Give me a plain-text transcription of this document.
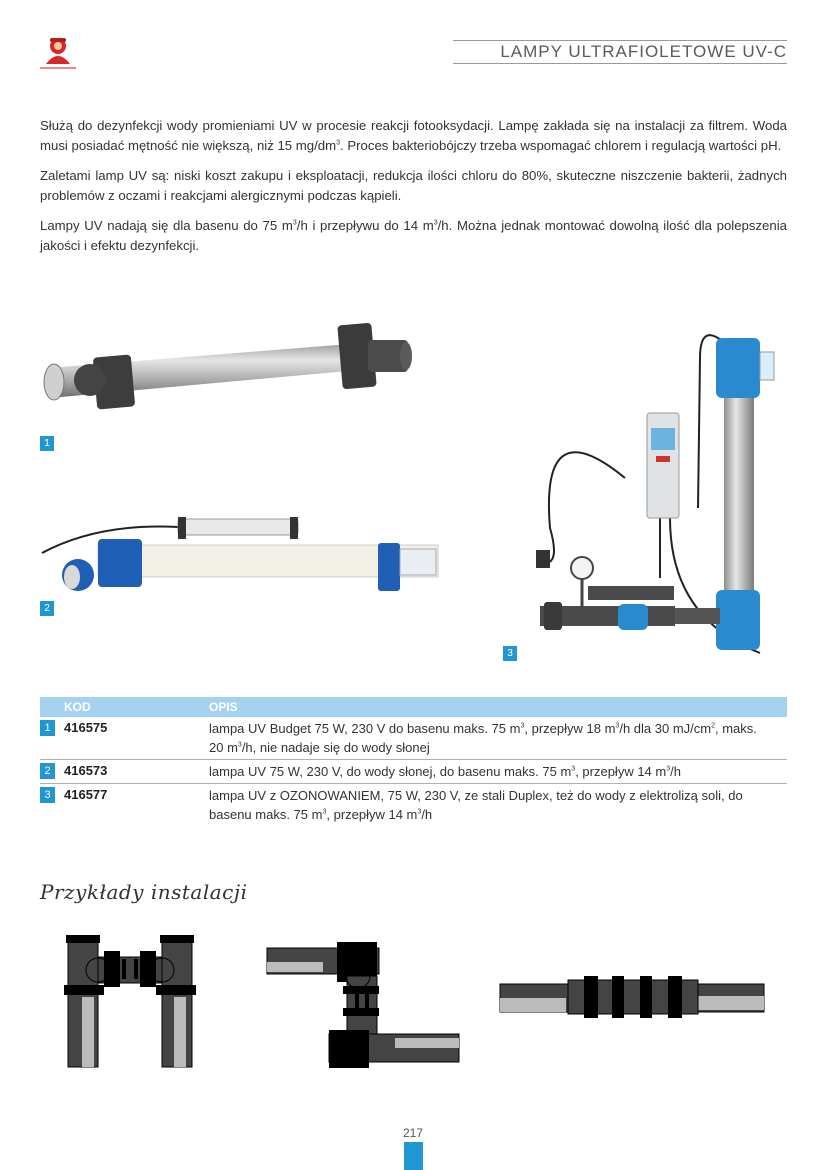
LAMPY ULTRAFIOLETOWE UV-C

Służą do dezynfekcji wody promieniami UV w procesie reakcji fotooksydacji. Lampę zakłada się na instalacji za filtrem. Woda musi posiadać mętność nie większą, niż 15 $mg/dm^3$. Proces bakteriobójczy trzeba wspomagać chlorem i regulacją wartości pH.

Zaletami lamp UV są: niski koszt zakupu i eksploatacji, redukcja ilości chloru do 80%, skuteczne niszczenie bakterii, żadnych problemów z oczami i reakcjami alergicznymi podczas kąpieli.

Lampy UV nadają się dla basenu do 75 $m^3/h$ i przepływu do 14 $m^3/h$. Można jednak montować dowolną ilość dla polepszenia jakości i efektu dezynfekcji.

1
2
3
KOD	OPIS
1	416575	lampa UV Budget 75 W, 230 V do basenu maks. 75 $m^3$, przepływ 18 $m^3/h$ dla 30 $mJ/cm^2$, maks. 20 $m^3/h$, nie nadaje się do wody słonej
2	416573	lampa UV 75 W, 230 V, do wody słonej, do basenu maks. 75 $m^3$, przepływ 14 $m^3/h$
3	416577	lampa UV z OZONOWANIEM, 75 W, 230 V, ze stali Duplex, też do wody z elektrolizą soli, do basenu maks. 75 $m^3$, przepływ 14 $m^3/h$
Przykłady instalacji
217
